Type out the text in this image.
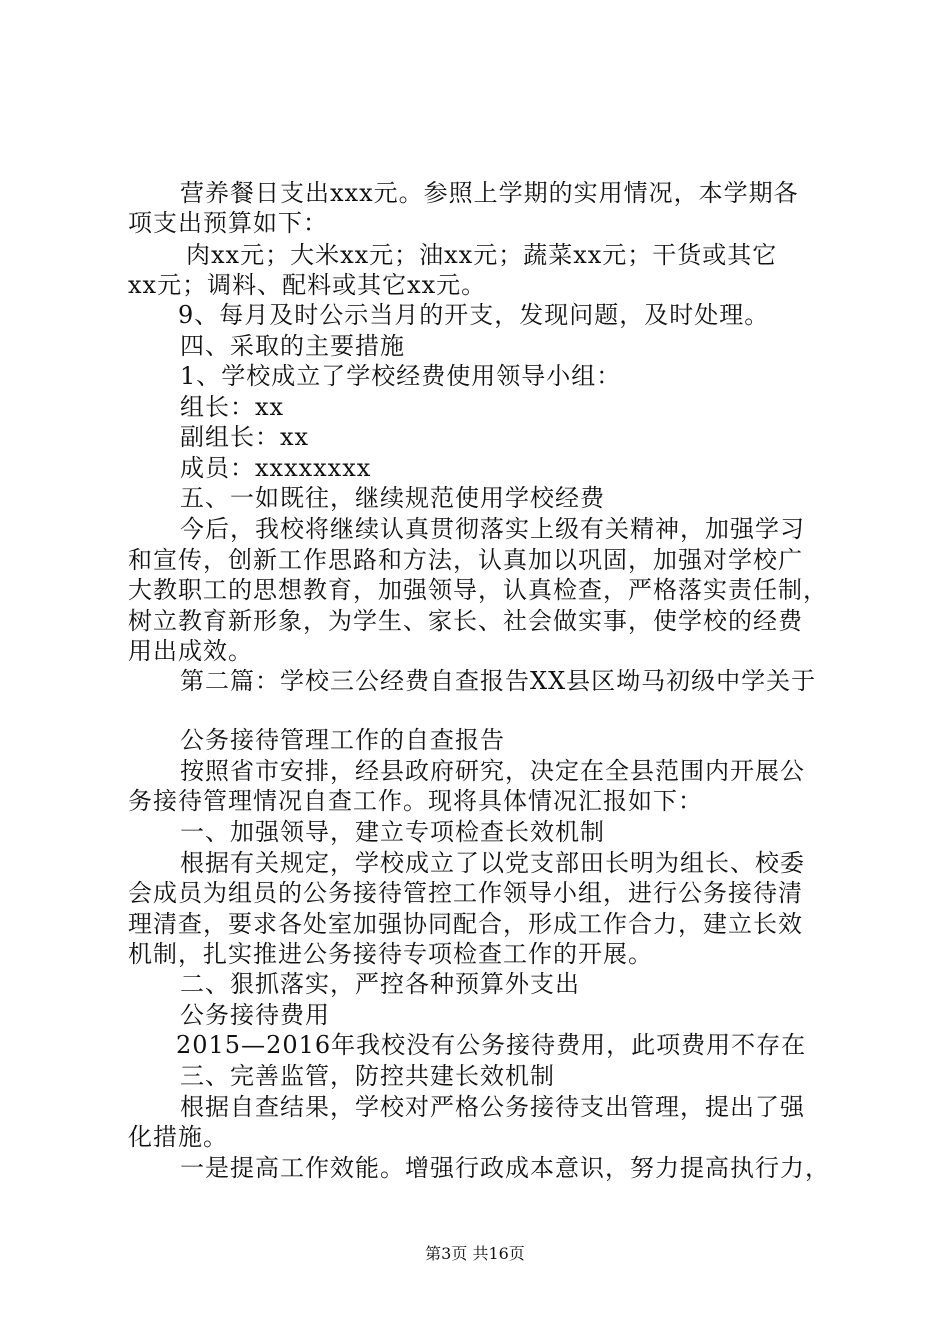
营养餐日支出xxx元。参照上学期的实用情况，本学期各
项支出预算如下：
肉xx元；大米xx元；油xx元；蔬菜xx元；干货或其它
xx元；调料、配料或其它xx元。
9、每月及时公示当月的开支，发现问题，及时处理。
四、采取的主要措施
1、学校成立了学校经费使用领导小组：
组长：xx
副组长：xx
成员：xxxxxxxx
五、一如既往，继续规范使用学校经费
今后，我校将继续认真贯彻落实上级有关精神，加强学习
和宣传，创新工作思路和方法，认真加以巩固，加强对学校广
大教职工的思想教育，加强领导，认真检查，严格落实责任制，
树立教育新形象，为学生、家长、社会做实事，使学校的经费
用出成效。
第二篇：学校三公经费自查报告XX县区坳马初级中学关于
公务接待管理工作的自查报告
按照省市安排，经县政府研究，决定在全县范围内开展公
务接待管理情况自查工作。现将具体情况汇报如下：
一、加强领导，建立专项检查长效机制
根据有关规定，学校成立了以党支部田长明为组长、校委
会成员为组员的公务接待管控工作领导小组，进行公务接待清
理清查，要求各处室加强协同配合，形成工作合力，建立长效
机制，扎实推进公务接待专项检查工作的开展。
二、狠抓落实，严控各种预算外支出
公务接待费用
2015—2016年我校没有公务接待费用，此项费用不存在
三、完善监管，防控共建长效机制
根据自查结果，学校对严格公务接待支出管理，提出了强
化措施。
一是提高工作效能。增强行政成本意识，努力提高执行力，
第3页 共16页
